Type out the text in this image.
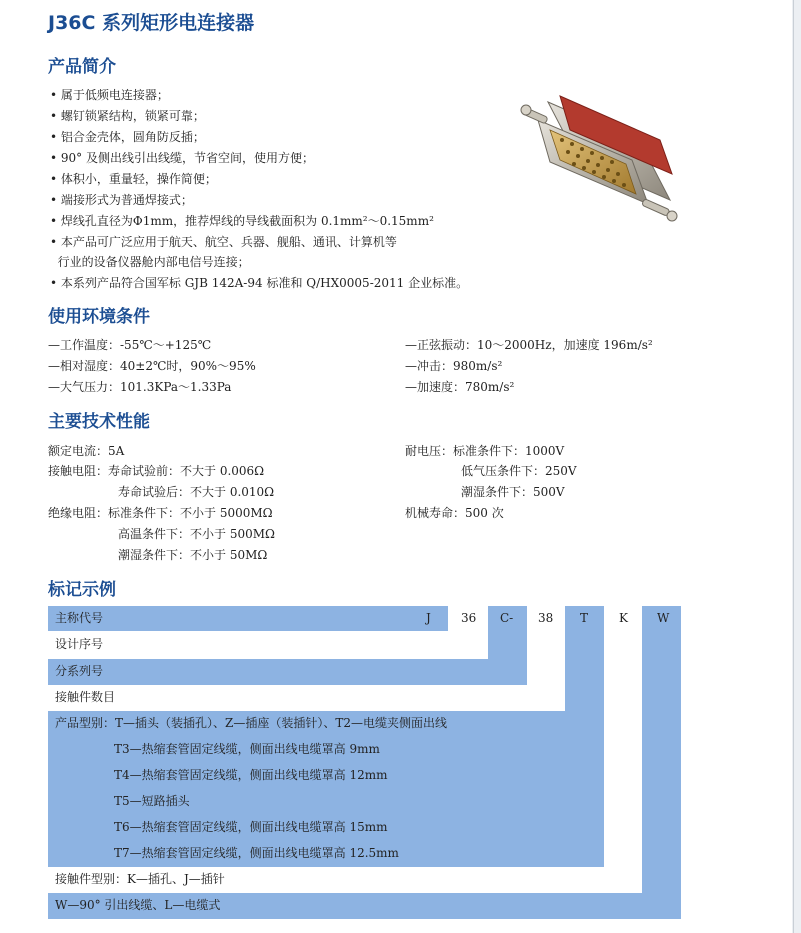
J36C 系列矩形电连接器
产品简介
• 属于低频电连接器；
• 螺钉锁紧结构，锁紧可靠；
• 铝合金壳体，圆角防反插；
• 90° 及侧出线引出线缆，节省空间，使用方便；
• 体积小，重量轻，操作简便；
• 端接形式为普通焊接式；
• 焊线孔直径为Φ1mm，推荐焊线的导线截面积为 0.1mm²～0.15mm²
• 本产品可广泛应用于航天、航空、兵器、舰船、通讯、计算机等
行业的设备仪器舱内部电信号连接；
• 本系列产品符合国军标 GJB 142A-94 标准和 Q/HX0005-2011 企业标准。
使用环境条件
—工作温度：-55℃～+125℃
—相对湿度：40±2℃时，90%～95%
—大气压力：101.3KPa～1.33Pa
—正弦振动：10～2000Hz，加速度 196m/s²
—冲击：980m/s²
—加速度：780m/s²
主要技术性能
额定电流：5A
接触电阻：寿命试验前：不大于 0.006Ω
寿命试验后：不大于 0.010Ω
绝缘电阻：标准条件下：不小于 5000MΩ
高温条件下：不小于 500MΩ
潮湿条件下：不小于 50MΩ
耐电压：标准条件下：1000V
低气压条件下：250V
潮湿条件下：500V
机械寿命：500 次
标记示例
J	36 C- 38 T	K W
主称代号
设计序号
分系列号
接触件数目
产品型别：T—插头（装插孔）、Z—插座（装插针）、T2—电缆夹侧面出线
T3—热缩套管固定线缆，侧面出线电缆罩高 9mm
T4—热缩套管固定线缆，侧面出线电缆罩高 12mm
T5—短路插头
T6—热缩套管固定线缆，侧面出线电缆罩高 15mm
T7—热缩套管固定线缆，侧面出线电缆罩高 12.5mm
接触件型别：K—插孔、J—插针
W—90° 引出线缆、L—电缆式
